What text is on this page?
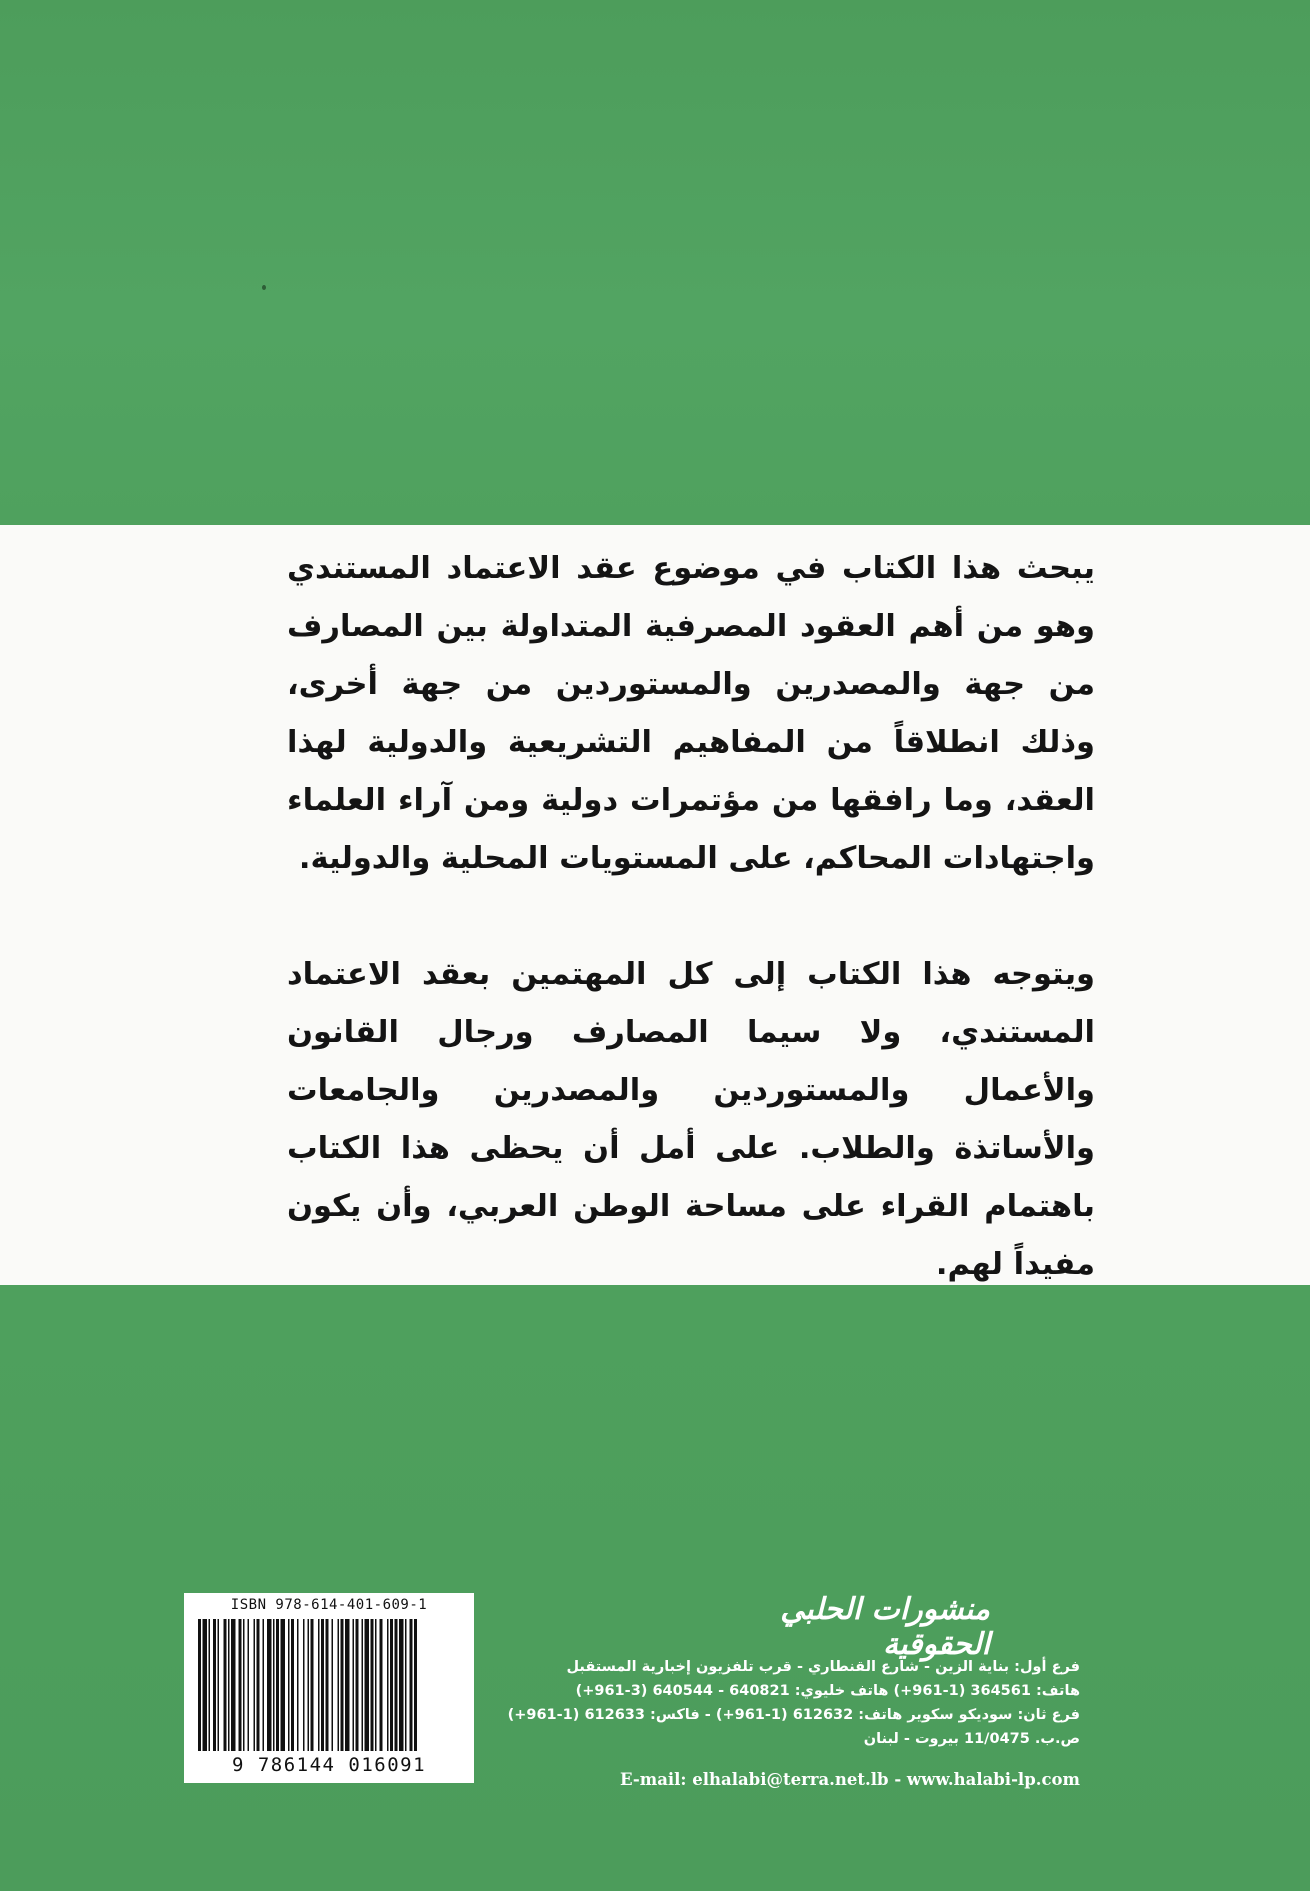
يبحث هذا الكتاب في موضوع عقد الاعتماد المستندي وهو من أهم العقود المصرفية المتداولة بين المصارف من جهة والمصدرين والمستوردين من جهة أخرى، وذلك انطلاقاً من المفاهيم التشريعية والدولية لهذا العقد، وما رافقها من مؤتمرات دولية ومن آراء العلماء واجتهادات المحاكم، على المستويات المحلية والدولية.

ويتوجه هذا الكتاب إلى كل المهتمين بعقد الاعتماد المستندي، ولا سيما المصارف ورجال القانون والأعمال والمستوردين والمصدرين والجامعات والأساتذة والطلاب. على أمل أن يحظى هذا الكتاب باهتمام القراء على مساحة الوطن العربي، وأن يكون مفيداً لهم.

ISBN 978-614-401-609-1
9 786144 016091
منشورات الحلبي الحقوقية
فرع أول: بناية الزين - شارع القنطاري - قرب تلفزيون إخبارية المستقبل
هاتف: 364561 (1-961+) هاتف خليوي: 640821 - 640544 (3-961+)
فرع ثان: سوديكو سكوير هاتف: 612632 (1-961+) - فاكس: 612633 (1-961+)
ص.ب. 11/0475 بيروت - لبنان
E-mail: elhalabi@terra.net.lb - www.halabi-lp.com
